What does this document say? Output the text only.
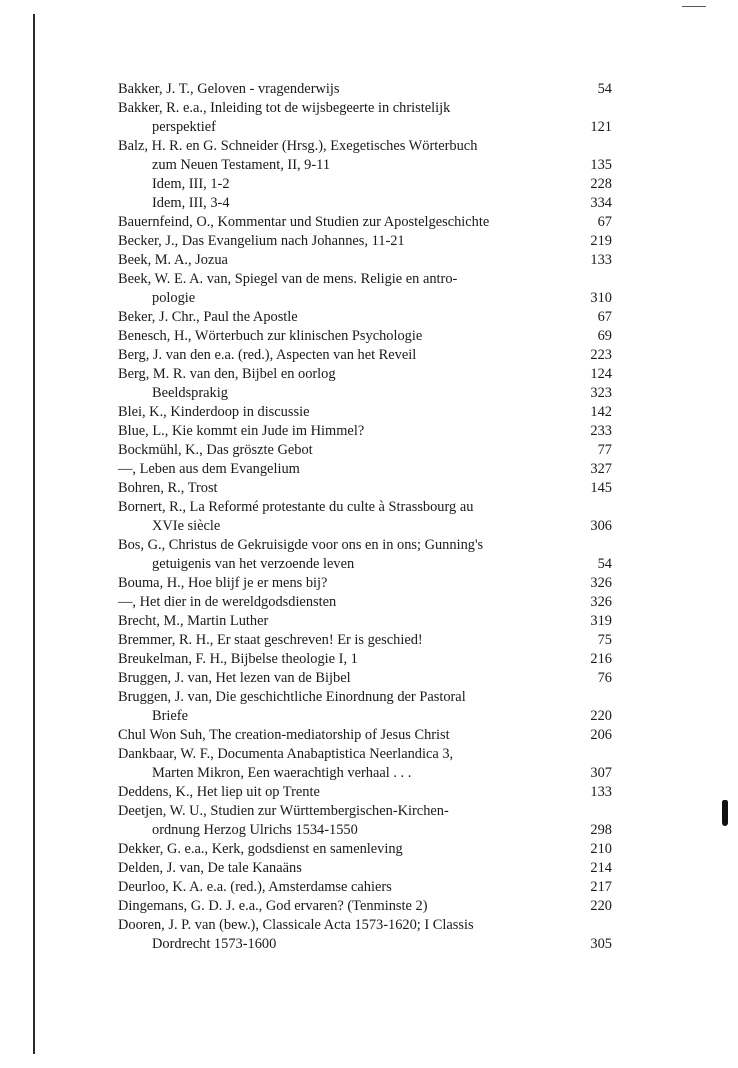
Bakker, J. T., Geloven - vragenderwijs	54
Bakker, R. e.a., Inleiding tot de wijsbegeerte in christelijk
perspektief	121
Balz, H. R. en G. Schneider (Hrsg.), Exegetisches Wörterbuch
zum Neuen Testament, II, 9-11	135
Idem, III, 1-2	228
Idem, III, 3-4	334
Bauernfeind, O., Kommentar und Studien zur Apostelgeschichte	67
Becker, J., Das Evangelium nach Johannes, 11-21	219
Beek, M. A., Jozua	133
Beek, W. E. A. van, Spiegel van de mens. Religie en antro-
pologie	310
Beker, J. Chr., Paul the Apostle	67
Benesch, H., Wörterbuch zur klinischen Psychologie	69
Berg, J. van den e.a. (red.), Aspecten van het Reveil	223
Berg, M. R. van den, Bijbel en oorlog	124
Beeldsprakig	323
Blei, K., Kinderdoop in discussie	142
Blue, L., Kie kommt ein Jude im Himmel?	233
Bockmühl, K., Das gröszte Gebot	77
—, Leben aus dem Evangelium	327
Bohren, R., Trost	145
Bornert, R., La Reformé protestante du culte à Strassbourg au
XVIe siècle	306
Bos, G., Christus de Gekruisigde voor ons en in ons; Gunning's
getuigenis van het verzoende leven	54
Bouma, H., Hoe blijf je er mens bij?	326
—, Het dier in de wereldgodsdiensten	326
Brecht, M., Martin Luther	319
Bremmer, R. H., Er staat geschreven! Er is geschied!	75
Breukelman, F. H., Bijbelse theologie I, 1	216
Bruggen, J. van, Het lezen van de Bijbel	76
Bruggen, J. van, Die geschichtliche Einordnung der Pastoral
Briefe	220
Chul Won Suh, The creation-mediatorship of Jesus Christ	206
Dankbaar, W. F., Documenta Anabaptistica Neerlandica 3,
Marten Mikron, Een waerachtigh verhaal . . .	307
Deddens, K., Het liep uit op Trente	133
Deetjen, W. U., Studien zur Württembergischen-Kirchen-
ordnung Herzog Ulrichs 1534-1550	298
Dekker, G. e.a., Kerk, godsdienst en samenleving	210
Delden, J. van, De tale Kanaäns	214
Deurloo, K. A. e.a. (red.), Amsterdamse cahiers	217
Dingemans, G. D. J. e.a., God ervaren? (Tenminste 2)	220
Dooren, J. P. van (bew.), Classicale Acta 1573-1620; I Classis
Dordrecht 1573-1600	305
